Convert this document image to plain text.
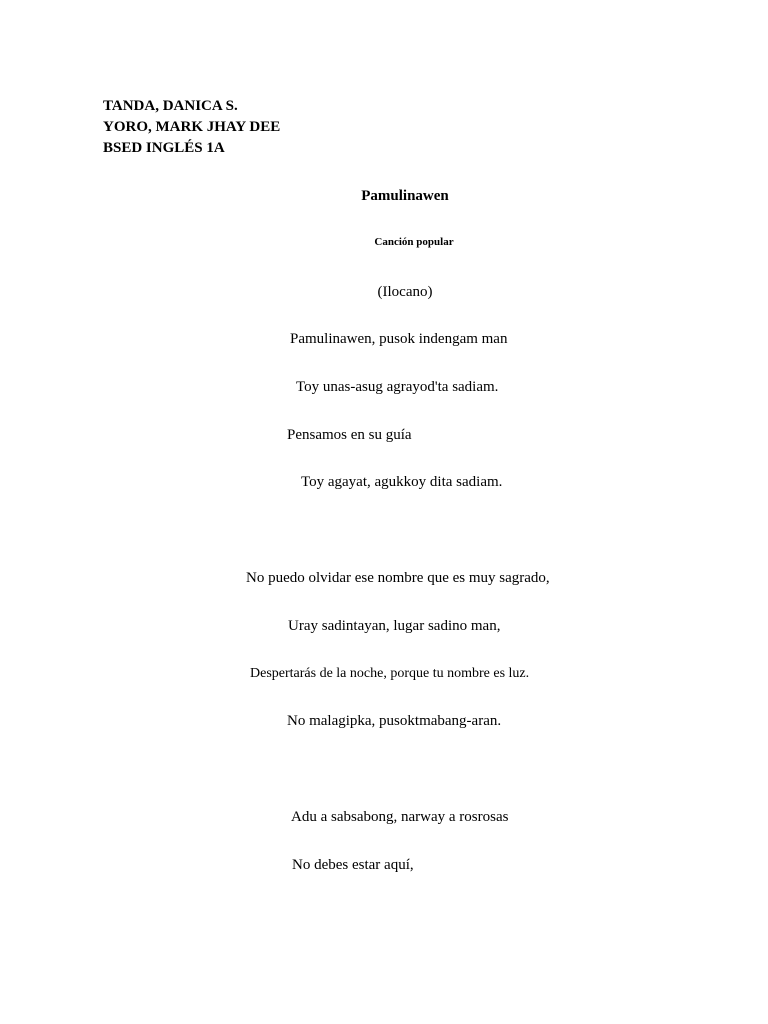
TANDA, DANICA S.
YORO, MARK JHAY DEE
BSED INGLÉS 1A
Pamulinawen
Canción popular
(Ilocano)
Pamulinawen, pusok indengam man
Toy unas-asug agrayod'ta sadiam.
Pensamos en su guía
Toy agayat, agukkoy dita sadiam.
No puedo olvidar ese nombre que es muy sagrado,
Uray sadintayan, lugar sadino man,
Despertarás de la noche, porque tu nombre es luz.
No malagipka, pusoktmabang-aran.
Adu a sabsabong, narway a rosrosas
No debes estar aquí,
